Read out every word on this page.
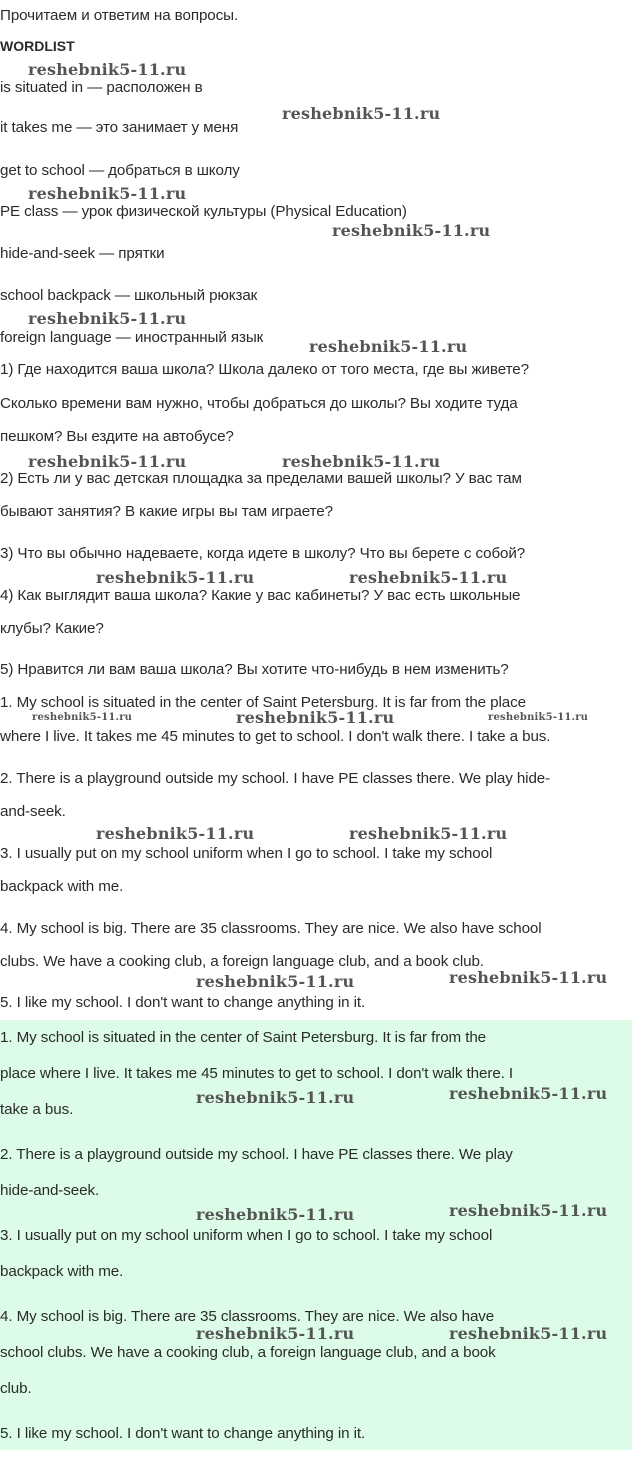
Прочитаем и ответим на вопросы.
WORDLIST
is situated in — расположен в
it takes me — это занимает у меня
get to school — добраться в школу
PE class — урок физической культуры (Physical Education)
hide-and-seek — прятки
school backpack — школьный рюкзак
foreign language — иностранный язык
1) Где находится ваша школа? Школа далеко от того места, где вы живете?
Сколько времени вам нужно, чтобы добраться до школы? Вы ходите туда
пешком? Вы ездите на автобусе?
2) Есть ли у вас детская площадка за пределами вашей школы? У вас там
бывают занятия? В какие игры вы там играете?
3) Что вы обычно надеваете, когда идете в школу? Что вы берете с собой?
4) Как выглядит ваша школа? Какие у вас кабинеты? У вас есть школьные
клубы? Какие?
5) Нравится ли вам ваша школа? Вы хотите что-нибудь в нем изменить?
1. My school is situated in the center of Saint Petersburg. It is far from the place
where I live. It takes me 45 minutes to get to school. I don't walk there. I take a bus.
2. There is a playground outside my school. I have PE classes there. We play hide-
and-seek.
3. I usually put on my school uniform when I go to school. I take my school
backpack with me.
4. My school is big. There are 35 classrooms. They are nice. We also have school
clubs. We have a cooking club, a foreign language club, and a book club.
5. I like my school. I don't want to change anything in it.
1. My school is situated in the center of Saint Petersburg. It is far from the
place where I live. It takes me 45 minutes to get to school. I don't walk there. I
take a bus.
2. There is a playground outside my school. I have PE classes there. We play
hide-and-seek.
3. I usually put on my school uniform when I go to school. I take my school
backpack with me.
4. My school is big. There are 35 classrooms. They are nice. We also have
school clubs. We have a cooking club, a foreign language club, and a book
club.
5. I like my school. I don't want to change anything in it.
reshebnik5-11.ru
reshebnik5-11.ru
reshebnik5-11.ru
reshebnik5-11.ru
reshebnik5-11.ru
reshebnik5-11.ru
reshebnik5-11.ru	reshebnik5-11.ru
reshebnik5-11.ru	reshebnik5-11.ru
reshebnik5-11.ru	reshebnik5-11.ru	reshebnik5-11.ru
reshebnik5-11.ru	reshebnik5-11.ru
reshebnik5-11.ru	reshebnik5-11.ru
reshebnik5-11.ru	reshebnik5-11.ru
reshebnik5-11.ru	reshebnik5-11.ru
reshebnik5-11.ru	reshebnik5-11.ru
